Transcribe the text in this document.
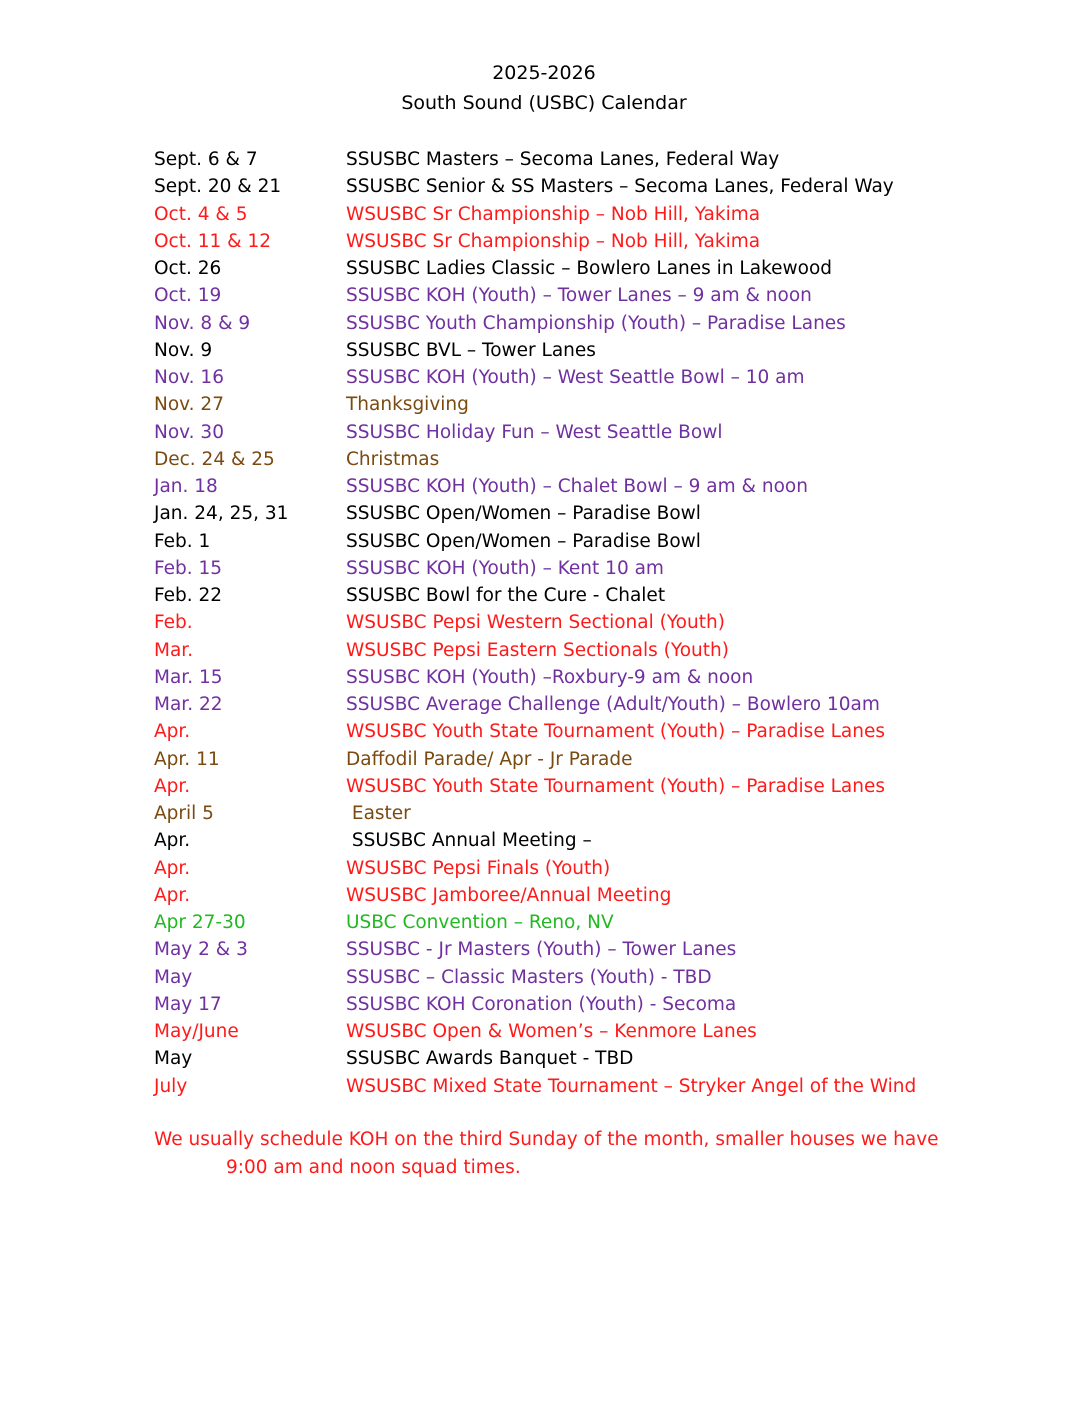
2025-2026
South Sound (USBC) Calendar
Sept. 6 & 7	SSUSBC Masters – Secoma Lanes, Federal Way
Sept. 20 & 21	SSUSBC Senior & SS Masters – Secoma Lanes, Federal Way
Oct. 4 & 5	WSUSBC Sr Championship – Nob Hill, Yakima
Oct. 11 & 12	WSUSBC Sr Championship – Nob Hill, Yakima
Oct. 26	SSUSBC Ladies Classic – Bowlero Lanes in Lakewood
Oct. 19	SSUSBC KOH (Youth) – Tower Lanes – 9 am & noon
Nov. 8 & 9	SSUSBC Youth Championship (Youth) – Paradise Lanes
Nov. 9	SSUSBC BVL – Tower Lanes
Nov. 16	SSUSBC KOH (Youth) – West Seattle Bowl – 10 am
Nov. 27	Thanksgiving
Nov. 30	SSUSBC Holiday Fun – West Seattle Bowl
Dec. 24 & 25	Christmas
Jan. 18	SSUSBC KOH (Youth) – Chalet Bowl – 9 am & noon
Jan. 24, 25, 31	SSUSBC Open/Women – Paradise Bowl
Feb. 1	SSUSBC Open/Women – Paradise Bowl
Feb. 15	SSUSBC KOH (Youth) – Kent 10 am
Feb. 22	SSUSBC Bowl for the Cure - Chalet
Feb.	WSUSBC Pepsi Western Sectional (Youth)
Mar.	WSUSBC Pepsi Eastern Sectionals (Youth)
Mar. 15	SSUSBC KOH (Youth) –Roxbury-9 am & noon
Mar. 22	SSUSBC Average Challenge (Adult/Youth) – Bowlero 10am
Apr.	WSUSBC Youth State Tournament (Youth) – Paradise Lanes
Apr. 11	Daffodil Parade/ Apr - Jr Parade
Apr.	WSUSBC Youth State Tournament (Youth) – Paradise Lanes
April 5	Easter
Apr.	SSUSBC Annual Meeting –
Apr.	WSUSBC Pepsi Finals (Youth)
Apr.	WSUSBC Jamboree/Annual Meeting
Apr 27-30	USBC Convention – Reno, NV
May 2 & 3	SSUSBC - Jr Masters (Youth) – Tower Lanes
May	SSUSBC – Classic Masters (Youth) - TBD
May 17	SSUSBC KOH Coronation (Youth) - Secoma
May/June	WSUSBC Open & Women’s – Kenmore Lanes
May	SSUSBC Awards Banquet - TBD
July	WSUSBC Mixed State Tournament – Stryker Angel of the Wind
We usually schedule KOH on the third Sunday of the month, smaller houses we have
9:00 am and noon squad times.
